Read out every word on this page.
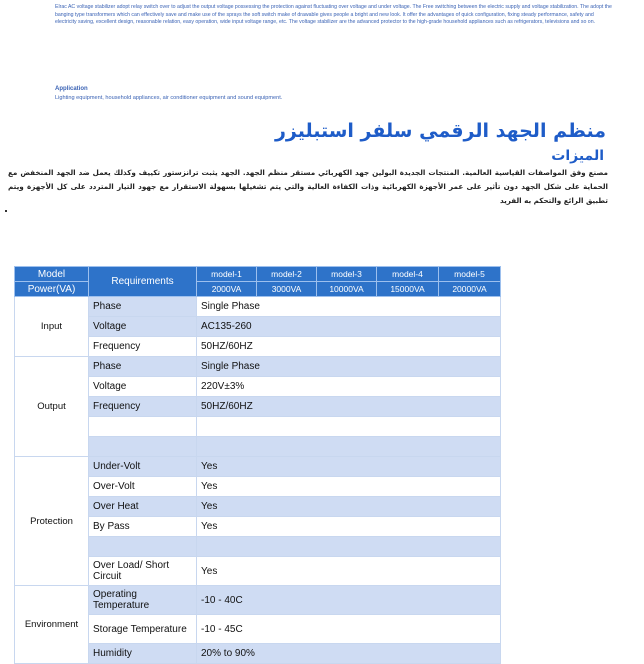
Elrac AC voltage stabilizer adopt relay switch over to adjust the output voltage possessing the protection against fluctuating over voltage and under voltage. The Free switching between the electric supply and voltage stabilization. The adopt the banging type transformers which can effectively save and make use of the sprays the soft switch make of drawable gives people a bright and new look. It offer the advantages of quick configuration, fixing steady performance, safety and electricity saving, excellent design, reasonable relation, easy operation, wide input voltage range, etc. The voltage stabilizer are the advanced protector to the high-grade household appliances such as refrigerators, televisions and so on.
Application
Lighting equipment, household appliances, air conditioner equipment and sound equipment.
منظم الجهد الرقمي سلفر استبليزر
الميزات
مصنع وفق المواصفات القياسية العالمية. المنتجات الجديدة البولين جهد الكهربائي مستقر منظم الجهد. الجهد يثبت ترانزستور تكييف وكذلك يعمل ضد الجهد المنخفض مع الحماية على شكل الجهد دون تأثير على عمر الأجهزة الكهربائية وذات الكفاءة العالية والتي يتم تشغيلها بسهولة الاستقرار مع جهود التيار المتردد على كل الأجهزة ويتم تطبيق الرائع والتحكم به الفريد
Model	Requirements	model-1	model-2	model-3	model-4	model-5
Power(VA)		2000VA	3000VA	10000VA	15000VA	20000VA
Input	Phase	Single Phase				
	Voltage	AC135-260				
	Frequency	50HZ/60HZ				
Output	Phase	Single Phase				
	Voltage	220V±3%				
	Frequency	50HZ/60HZ				

Protection	Under-Volt	Yes				
	Over-Volt	Yes				
	Over Heat	Yes				
	By Pass	Yes				

	Over Load/ Short Circuit	Yes				
Environment	Operating Temperature	-10 - 40C				
	Storage Temperature	-10 - 45C				
	Humidity	20% to 90%				
